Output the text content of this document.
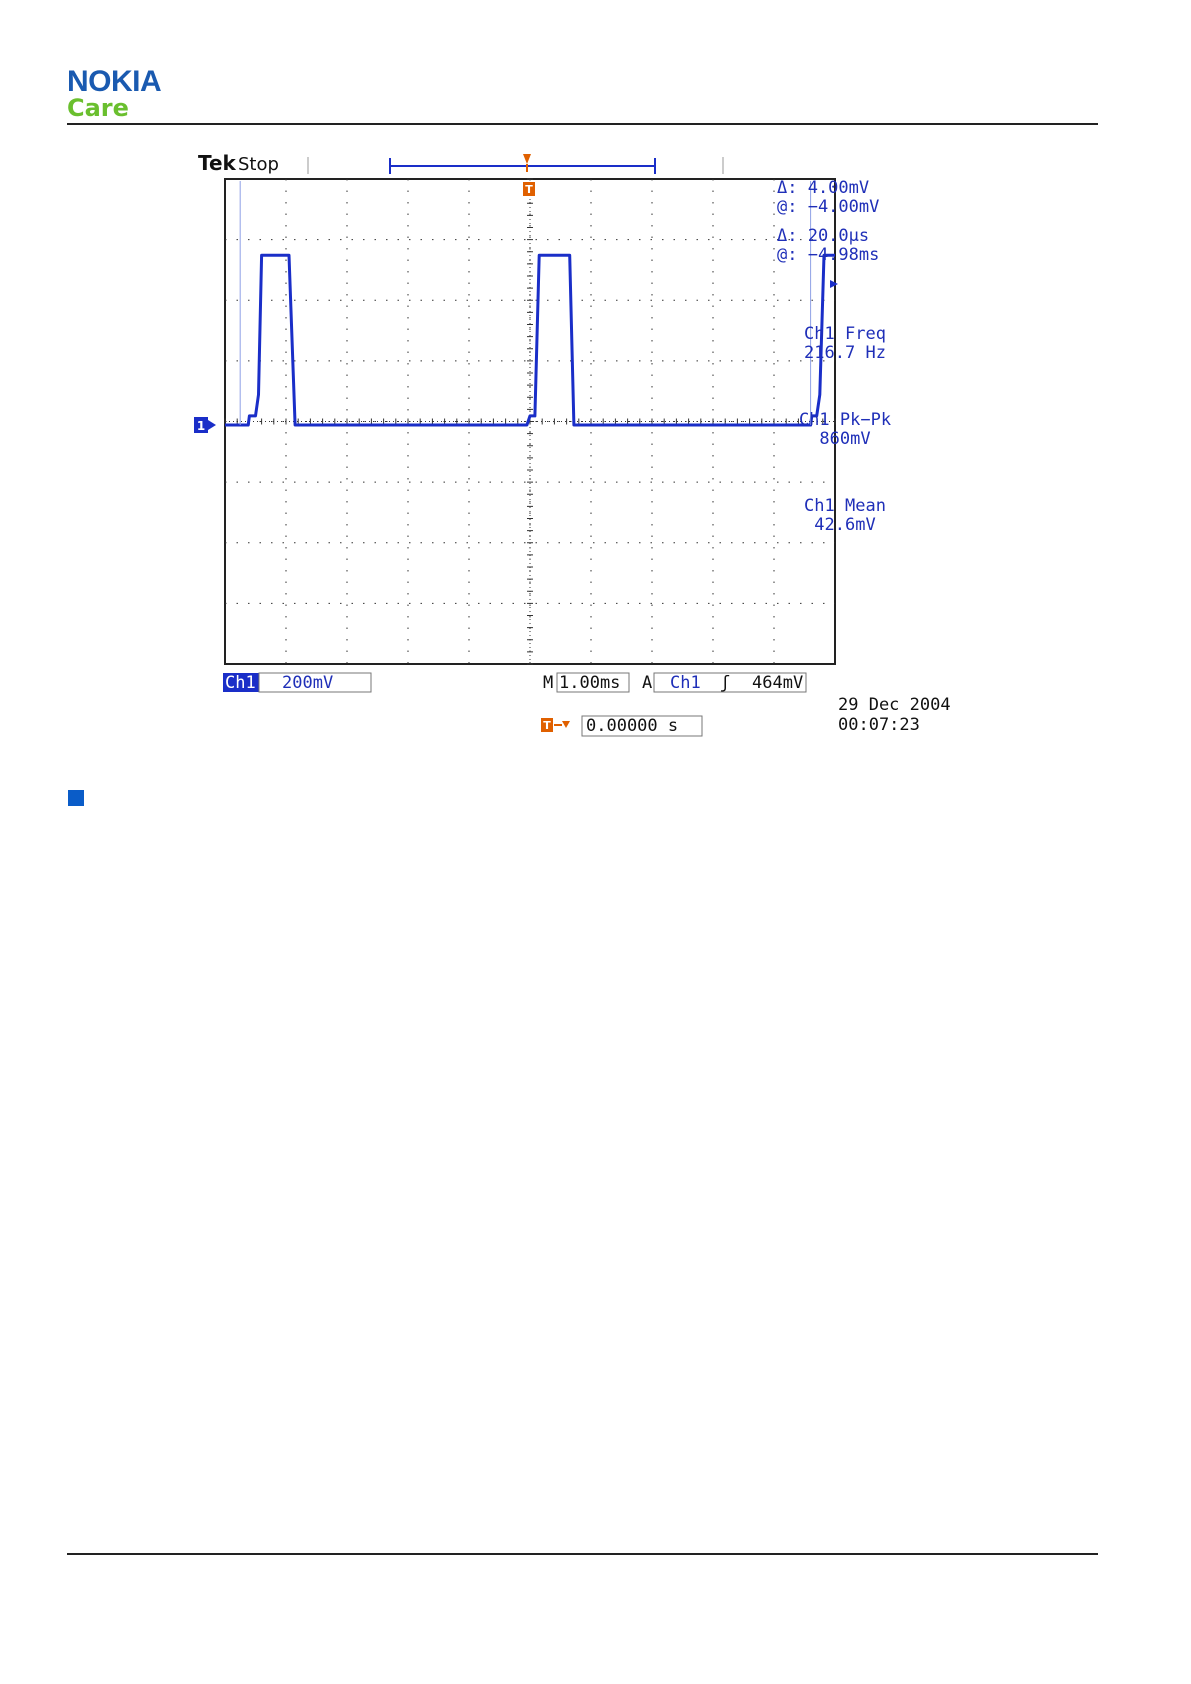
NOKIA
Care
Tek Stop
T
1
Δ: 4.00mV
@: −4.00mV
Δ: 20.0µs
@: −4.98ms
Ch1 Freq
216.7 Hz
Ch1 Pk−Pk
860mV
Ch1 Mean
42.6mV
Ch1 200mV	M 1.00ms A Ch1 ʃ 464mV
29 Dec 2004
00:07:23
T 0.00000 s
